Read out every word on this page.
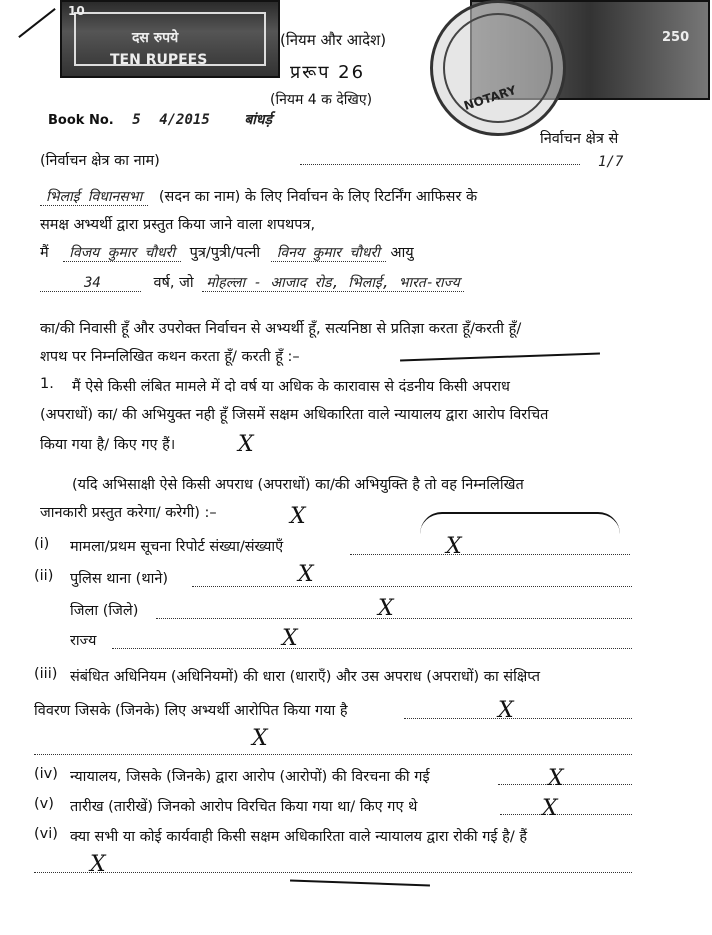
10
दस रुपये
TEN RUPEES
250
NOTARY
(नियम और आदेश)
प्ररूप 26
(नियम 4 क देखिए)
Book No. 5 4/2015 बांधर्ड़
निर्वाचन क्षेत्र से
(निर्वाचन क्षेत्र का नाम)	1/7
भिलाई विधानसभा (सदन का नाम) के लिए निर्वाचन के लिए रिटर्निंग आफिसर के
समक्ष अभ्यर्थी द्वारा प्रस्तुत किया जाने वाला शपथपत्र,
मैं विजय कुमार चौधरी पुत्र/पुत्री/पत्नी विनय कुमार चौधरी आयु
34	वर्ष, जो मोहल्ला - आजाद रोड, भिलाई, भारत-राज्य
का/की निवासी हूँ और उपरोक्त निर्वाचन से अभ्यर्थी हूँ, सत्यनिष्ठा से प्रतिज्ञा करता हूँ/करती हूँ/
शपथ पर निम्नलिखित कथन करता हूँ/ करती हूँ :–
1. मैं ऐसे किसी लंबित मामले में दो वर्ष या अधिक के कारावास से दंडनीय किसी अपराध
(अपराधों) का/ की अभियुक्त नही हूँ जिसमें सक्षम अधिकारिता वाले न्यायालय द्वारा आरोप विरचित
किया गया है/ किए गए हैं।	X
(यदि अभिसाक्षी ऐसे किसी अपराध (अपराधों) का/की अभियुक्ति है तो वह निम्नलिखित
जानकारी प्रस्तुत करेगा/ करेगी) :–	X
(i) मामला/प्रथम सूचना रिपोर्ट संख्या/संख्याएँ	X
(ii) पुलिस थाना (थाने)	X
जिला (जिले)	X
राज्य	X
(iii) संबंधित अधिनियम (अधिनियमों) की धारा (धाराएँ) और उस अपराध (अपराधों) का संक्षिप्त
विवरण जिसके (जिनके) लिए अभ्यर्थी आरोपित किया गया है	X
X
(iv) न्यायालय, जिसके (जिनके) द्वारा आरोप (आरोपों) की विरचना की गई	X
(v) तारीख (तारीखें) जिनको आरोप विरचित किया गया था/ किए गए थे	X
(vi) क्या सभी या कोई कार्यवाही किसी सक्षम अधिकारिता वाले न्यायालय द्वारा रोकी गई है/ हैं
X
